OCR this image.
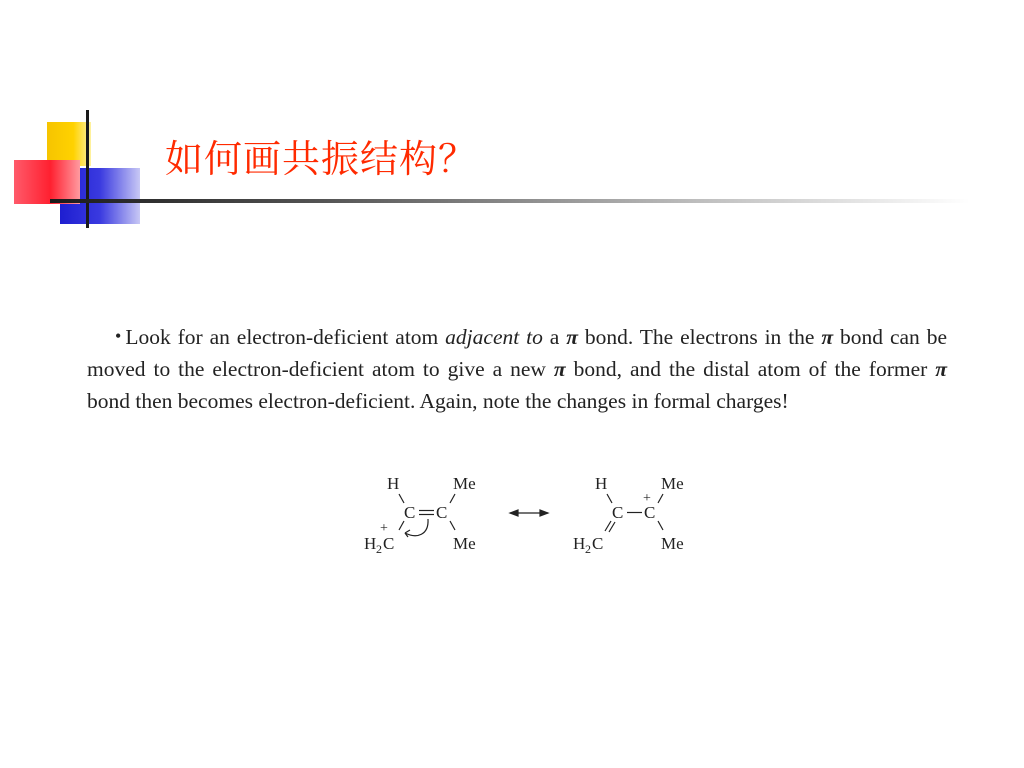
如何画共振结构？

• Look for an electron-deficient atom adjacent to a π bond. The electrons in the π bond can be moved to the electron-deficient atom to give a new π bond, and the distal atom of the former π bond then becomes electron-deficient. Again, note the changes in formal charges!

H	Me
C C
+
H 2 C	Me
H	Me
+
C C
H 2 C	Me
